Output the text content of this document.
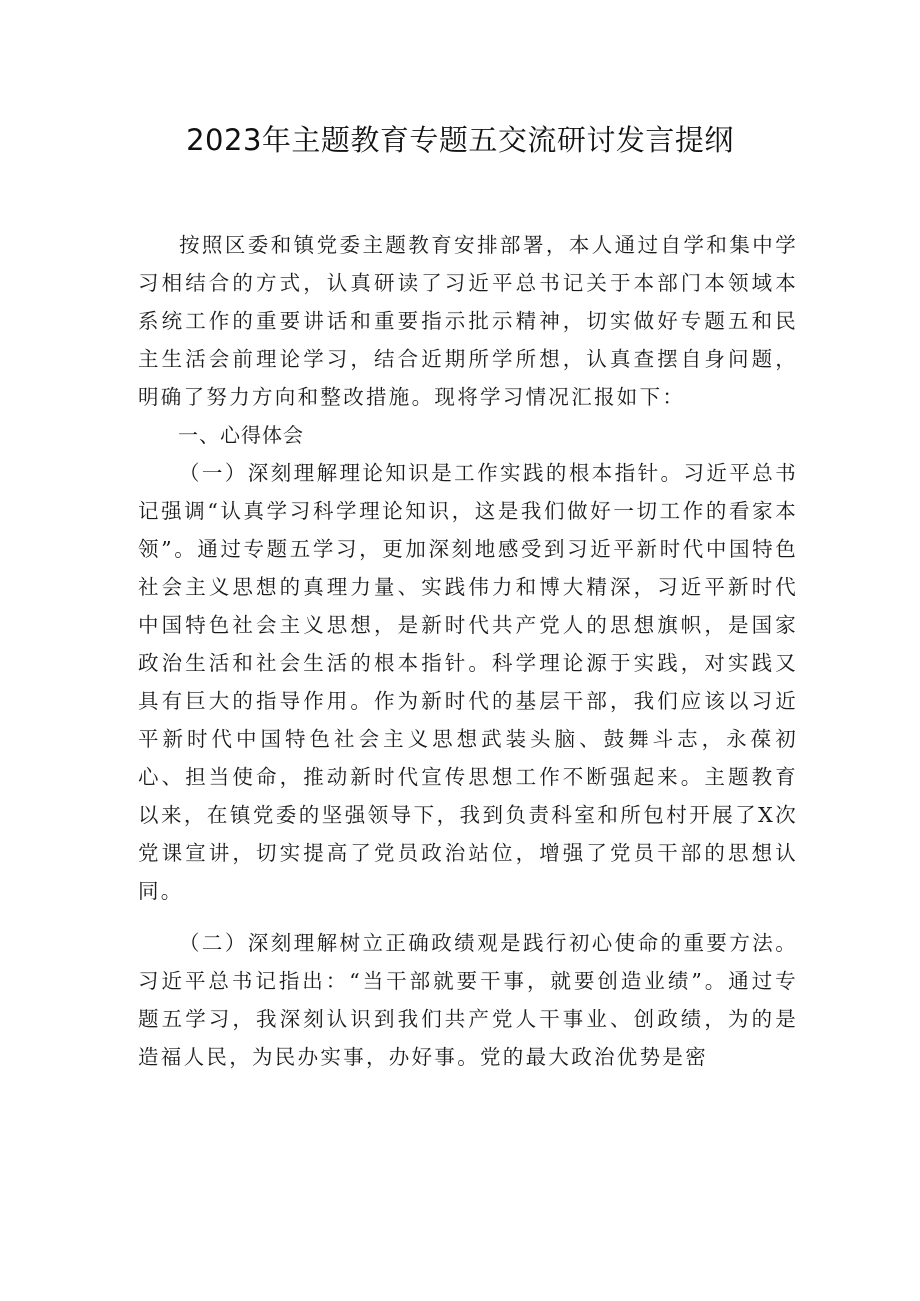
2023年主题教育专题五交流研讨发言提纲

按照区委和镇党委主题教育安排部署，本人通过自学和集中学习相结合的方式，认真研读了习近平总书记关于本部门本领域本系统工作的重要讲话和重要指示批示精神，切实做好专题五和民主生活会前理论学习，结合近期所学所想，认真查摆自身问题，明确了努力方向和整改措施。现将学习情况汇报如下：

一、心得体会

（一）深刻理解理论知识是工作实践的根本指针。习近平总书记强调“认真学习科学理论知识，这是我们做好一切工作的看家本领”。通过专题五学习，更加深刻地感受到习近平新时代中国特色社会主义思想的真理力量、实践伟力和博大精深，习近平新时代中国特色社会主义思想，是新时代共产党人的思想旗帜，是国家政治生活和社会生活的根本指针。科学理论源于实践，对实践又具有巨大的指导作用。作为新时代的基层干部，我们应该以习近平新时代中国特色社会主义思想武装头脑、鼓舞斗志，永葆初心、担当使命，推动新时代宣传思想工作不断强起来。主题教育以来，在镇党委的坚强领导下，我到负责科室和所包村开展了X次党课宣讲，切实提高了党员政治站位，增强了党员干部的思想认同。

（二）深刻理解树立正确政绩观是践行初心使命的重要方法。习近平总书记指出：“当干部就要干事，就要创造业绩”。通过专题五学习，我深刻认识到我们共产党人干事业、创政绩，为的是造福人民，为民办实事，办好事。党的最大政治优势是密
